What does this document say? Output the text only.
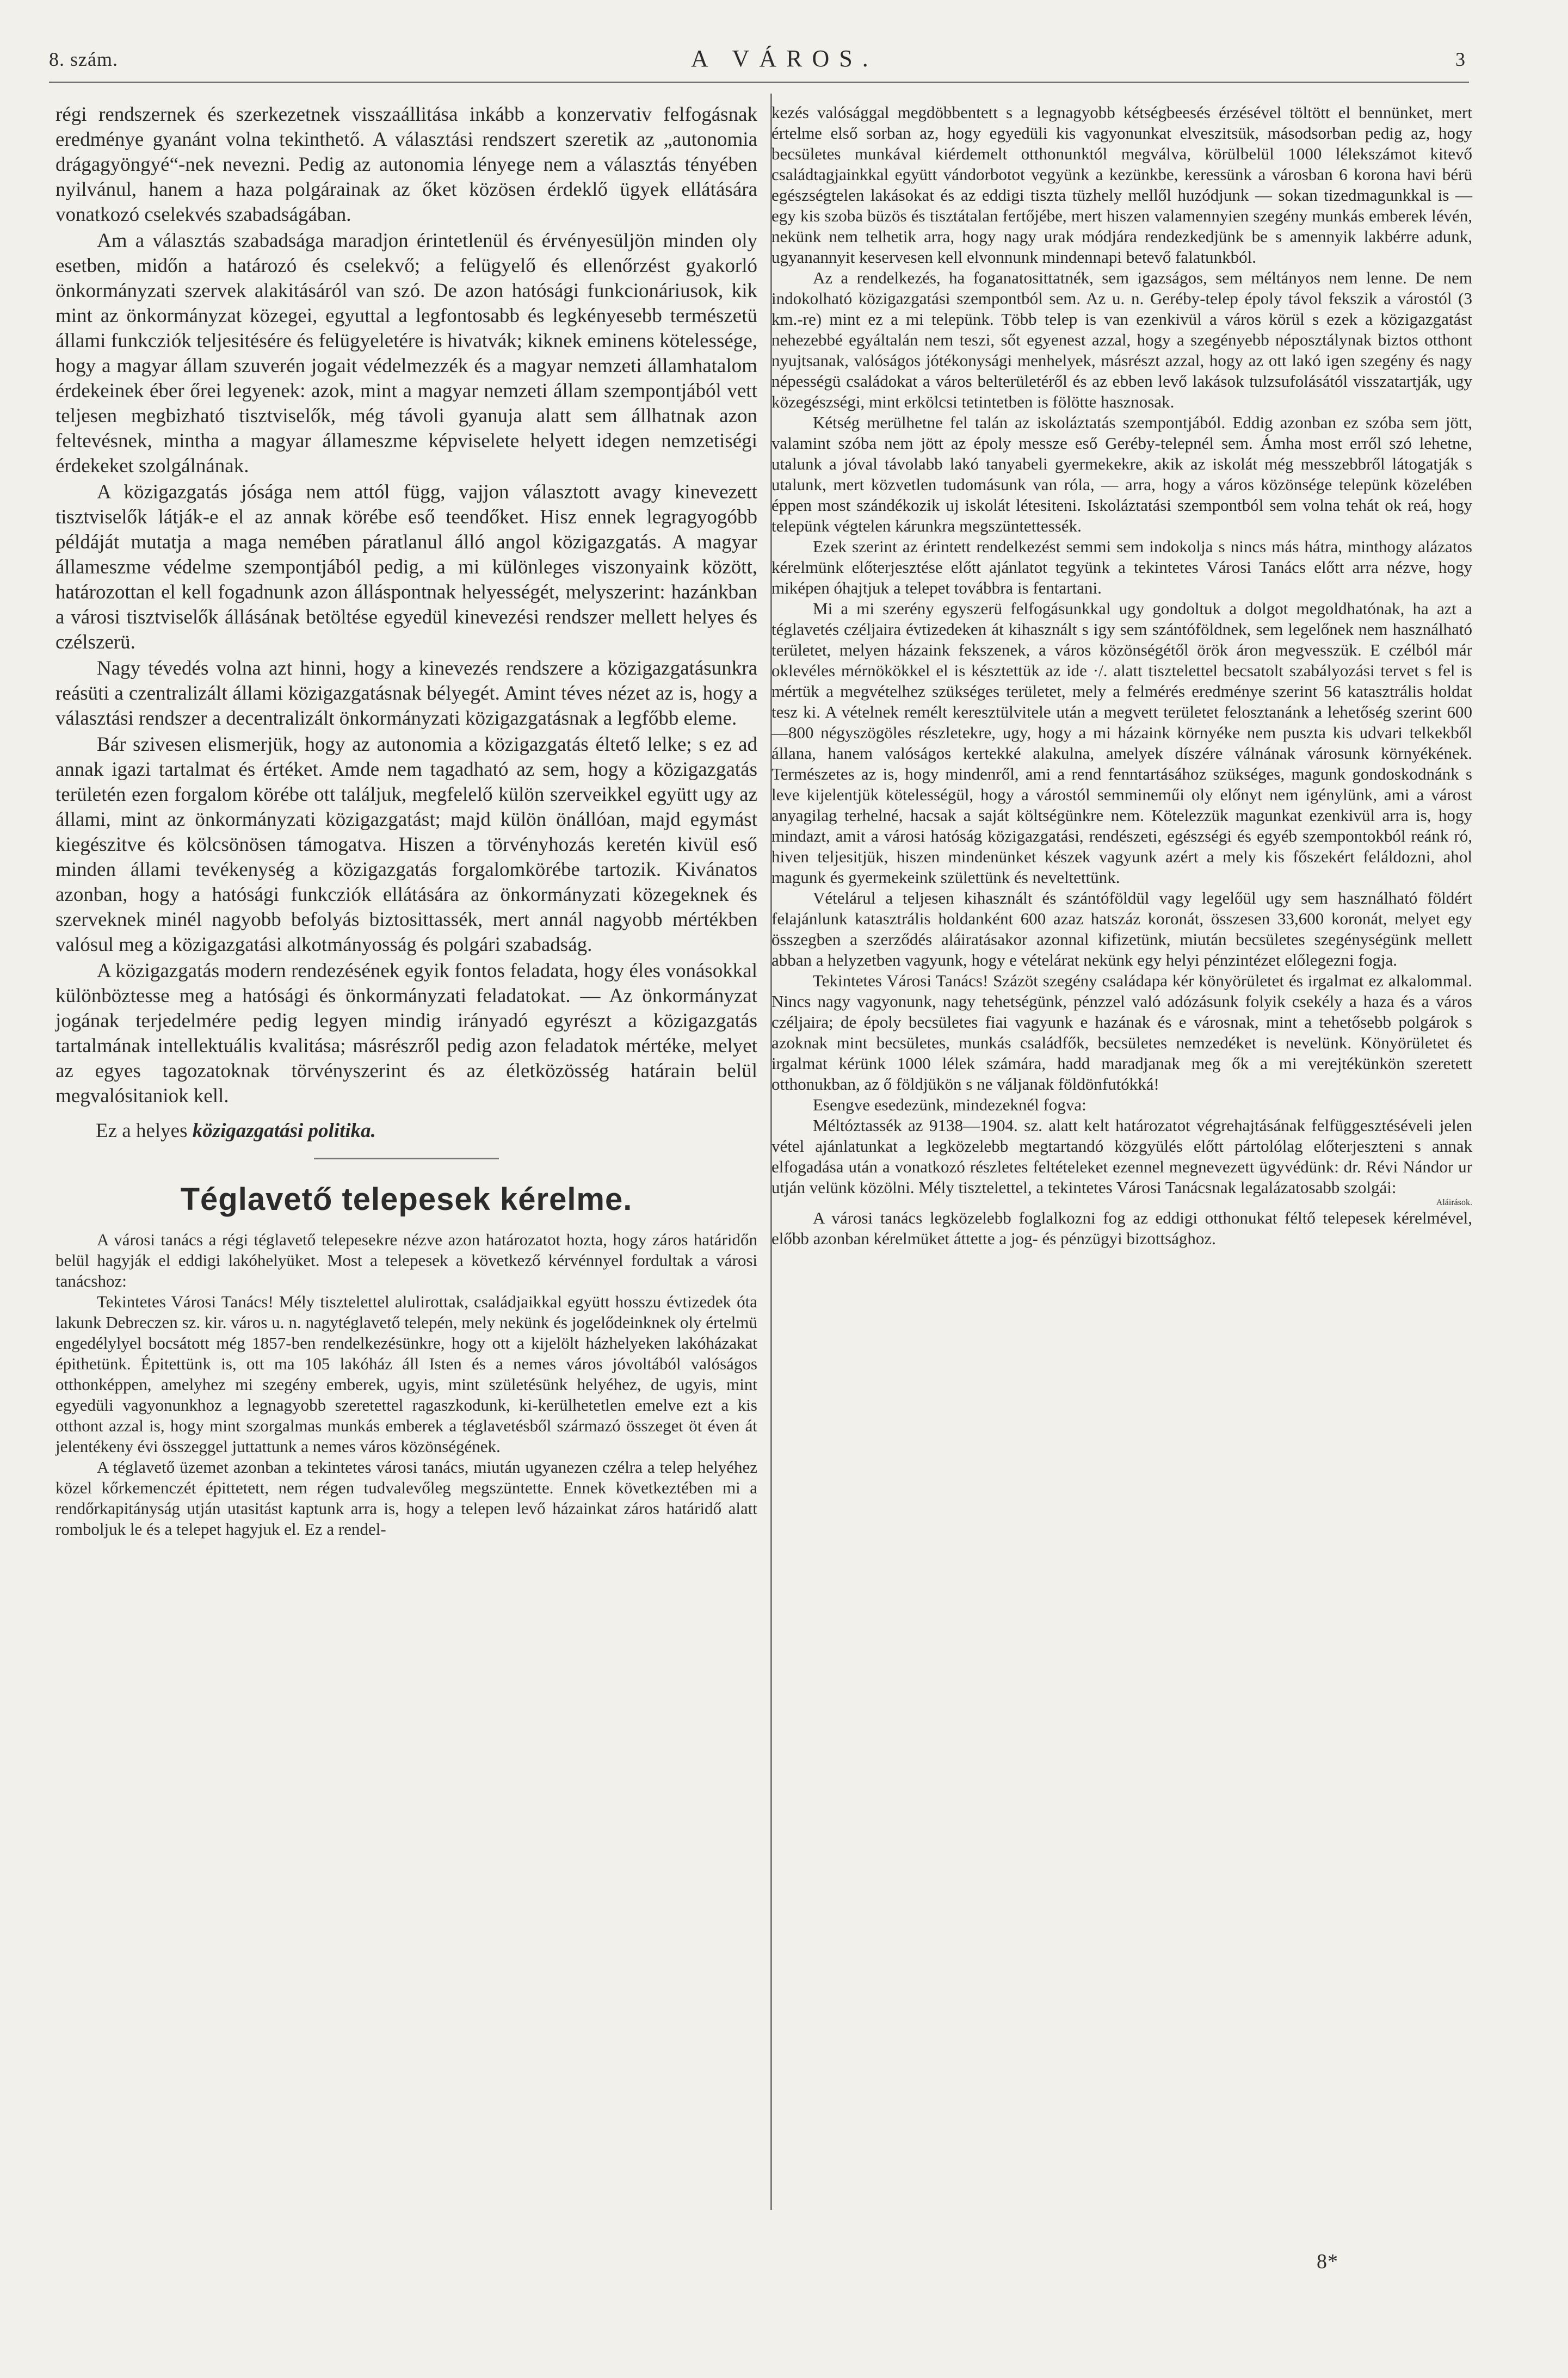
8. szám.	A VÁROS.	3

régi rendszernek és szerkezetnek visszaállitása inkább a konzervativ felfogásnak eredménye gyanánt volna tekinthető. A választási rendszert szeretik az „autonomia drágagyöngyé“-nek nevezni. Pedig az autonomia lényege nem a választás tényében nyilvánul, hanem a haza polgárainak az őket közösen érdeklő ügyek ellátására vonatkozó cselekvés szabadságában.

Am a választás szabadsága maradjon érintetlenül és érvényesüljön minden oly esetben, midőn a határozó és cselekvő; a felügyelő és ellenőrzést gyakorló önkormányzati szervek alakitásáról van szó. De azon hatósági funkcionáriusok, kik mint az önkormányzat közegei, egyuttal a legfontosabb és legkényesebb természetü állami funkcziók teljesitésére és felügyeletére is hivatvák; kiknek eminens kötelessége, hogy a magyar állam szuverén jogait védelmezzék és a magyar nemzeti államhatalom érdekeinek éber őrei legyenek: azok, mint a magyar nemzeti állam szempontjából vett teljesen megbizható tisztviselők, még távoli gyanuja alatt sem állhatnak azon feltevésnek, mintha a magyar állameszme képviselete helyett idegen nemzetiségi érdekeket szolgálnának.

A közigazgatás jósága nem attól függ, vajjon választott avagy kinevezett tisztviselők látják-e el az annak körébe eső teendőket. Hisz ennek legragyogóbb példáját mutatja a maga nemében páratlanul álló angol közigazgatás. A magyar állameszme védelme szempontjából pedig, a mi különleges viszonyaink között, határozottan el kell fogadnunk azon álláspontnak helyességét, melyszerint: hazánkban a városi tisztviselők állásának betöltése egyedül kinevezési rendszer mellett helyes és czélszerü.

Nagy tévedés volna azt hinni, hogy a kinevezés rendszere a közigazgatásunkra reásüti a czentralizált állami közigazgatásnak bélyegét. Amint téves nézet az is, hogy a választási rendszer a decentralizált önkormányzati közigazgatásnak a legfőbb eleme.

Bár szivesen elismerjük, hogy az autonomia a közigazgatás éltető lelke; s ez ad annak igazi tartalmat és értéket. Amde nem tagadható az sem, hogy a közigazgatás területén ezen forgalom körébe ott találjuk, megfelelő külön szerveikkel együtt ugy az állami, mint az önkormányzati közigazgatást; majd külön önállóan, majd egymást kiegészitve és kölcsönösen támogatva. Hiszen a törvényhozás keretén kivül eső minden állami tevékenység a közigazgatás forgalomkörébe tartozik. Kivánatos azonban, hogy a hatósági funkcziók ellátására az önkormányzati közegeknek és szerveknek minél nagyobb befolyás biztosittassék, mert annál nagyobb mértékben valósul meg a közigazgatási alkotmányosság és polgári szabadság.

A közigazgatás modern rendezésének egyik fontos feladata, hogy éles vonásokkal különböztesse meg a hatósági és önkormányzati feladatokat. — Az önkormányzat jogának terjedelmére pedig legyen mindig irányadó egyrészt a közigazgatás tartalmának intellektuális kvalitása; másrészről pedig azon feladatok mértéke, melyet az egyes tagozatoknak törvényszerint és az életközösség határain belül megvalósitaniok kell.

Ez a helyes közigazgatási politika.

Téglavető telepesek kérelme.

A városi tanács a régi téglavető telepesekre nézve azon határozatot hozta, hogy záros határidőn belül hagyják el eddigi lakóhelyüket. Most a telepesek a következő kérvénnyel fordultak a városi tanácshoz:

Tekintetes Városi Tanács! Mély tisztelettel alulirottak, családjaikkal együtt hosszu évtizedek óta lakunk Debreczen sz. kir. város u. n. nagytéglavető telepén, mely nekünk és jogelődeinknek oly értelmü engedélylyel bocsátott még 1857-ben rendelkezésünkre, hogy ott a kijelölt házhelyeken lakóházakat épithetünk. Épitettünk is, ott ma 105 lakóház áll Isten és a nemes város jóvoltából valóságos otthonképpen, amelyhez mi szegény emberek, ugyis, mint születésünk helyéhez, de ugyis, mint egyedüli vagyonunkhoz a legnagyobb szeretettel ragaszkodunk, ki-kerülhetetlen emelve ezt a kis otthont azzal is, hogy mint szorgalmas munkás emberek a téglavetésből származó összeget öt éven át jelentékeny évi összeggel juttattunk a nemes város közönségének.

A téglavető üzemet azonban a tekintetes városi tanács, miután ugyanezen czélra a telep helyéhez közel kőrkemenczét épittetett, nem régen tudvalevőleg megszüntette. Ennek következtében mi a rendőrkapitányság utján utasitást kaptunk arra is, hogy a telepen levő házainkat záros határidő alatt romboljuk le és a telepet hagyjuk el. Ez a rendel-

kezés valósággal megdöbbentett s a legnagyobb kétségbeesés érzésével töltött el bennünket, mert értelme első sorban az, hogy egyedüli kis vagyonunkat elveszitsük, másodsorban pedig az, hogy becsületes munkával kiérdemelt otthonunktól megválva, körülbelül 1000 lélekszámot kitevő családtagjainkkal együtt vándorbotot vegyünk a kezünkbe, keressünk a városban 6 korona havi bérü egészségtelen lakásokat és az eddigi tiszta tüzhely mellől huzódjunk — sokan tizedmagunkkal is — egy kis szoba büzös és tisztátalan fertőjébe, mert hiszen valamennyien szegény munkás emberek lévén, nekünk nem telhetik arra, hogy nagy urak módjára rendezkedjünk be s amennyik lakbérre adunk, ugyanannyit keservesen kell elvonnunk mindennapi betevő falatunkból.

Az a rendelkezés, ha foganatosittatnék, sem igazságos, sem méltányos nem lenne. De nem indokolható közigazgatási szempontból sem. Az u. n. Geréby-telep époly távol fekszik a várostól (3 km.-re) mint ez a mi telepünk. Több telep is van ezenkivül a város körül s ezek a közigazgatást nehezebbé egyáltalán nem teszi, sőt egyenest azzal, hogy a szegényebb néposztálynak biztos otthont nyujtsanak, valóságos jótékonysági menhelyek, másrészt azzal, hogy az ott lakó igen szegény és nagy népességü családokat a város belterületéről és az ebben levő lakások tulzsufolásától visszatartják, ugy közegészségi, mint erkölcsi tetintetben is fölötte hasznosak.

Kétség merülhetne fel talán az iskoláztatás szempontjából. Eddig azonban ez szóba sem jött, valamint szóba nem jött az époly messze eső Geréby-telepnél sem. Ámha most erről szó lehetne, utalunk a jóval távolabb lakó tanyabeli gyermekekre, akik az iskolát még messzebbről látogatják s utalunk, mert közvetlen tudomásunk van róla, — arra, hogy a város közönsége telepünk közelében éppen most szándékozik uj iskolát létesiteni. Iskoláztatási szempontból sem volna tehát ok reá, hogy telepünk végtelen kárunkra megszüntettessék.

Ezek szerint az érintett rendelkezést semmi sem indokolja s nincs más hátra, minthogy alázatos kérelmünk előterjesztése előtt ajánlatot tegyünk a tekintetes Városi Tanács előtt arra nézve, hogy miképen óhajtjuk a telepet továbbra is fentartani.

Mi a mi szerény egyszerü felfogásunkkal ugy gondoltuk a dolgot megoldhatónak, ha azt a téglavetés czéljaira évtizedeken át kihasznált s igy sem szántóföldnek, sem legelőnek nem használható területet, melyen házaink fekszenek, a város közönségétől örök áron megvesszük. E czélból már oklevéles mérnökökkel el is késztettük az ide ·/. alatt tisztelettel becsatolt szabályozási tervet s fel is mértük a megvételhez szükséges területet, mely a felmérés eredménye szerint 56 katasztrális holdat tesz ki. A vételnek remélt keresztülvitele után a megvett területet felosztanánk a lehetőség szerint 600—800 négyszögöles részletekre, ugy, hogy a mi házaink környéke nem puszta kis udvari telkekből állana, hanem valóságos kertekké alakulna, amelyek díszére válnának városunk környékének. Természetes az is, hogy mindenről, ami a rend fenntartásához szükséges, magunk gondoskodnánk s leve kijelentjük kötelességül, hogy a várostól semmineműi oly előnyt nem igénylünk, ami a várost anyagilag terhelné, hacsak a saját költségünkre nem. Kötelezzük magunkat ezenkivül arra is, hogy mindazt, amit a városi hatóság közigazgatási, rendészeti, egészségi és egyéb szempontokból reánk ró, hiven teljesitjük, hiszen mindenünket készek vagyunk azért a mely kis főszekért feláldozni, ahol magunk és gyermekeink születtünk és neveltettünk.

Vételárul a teljesen kihasznált és szántóföldül vagy legelőül ugy sem használható földért felajánlunk katasztrális holdanként 600 azaz hatszáz koronát, összesen 33,600 koronát, melyet egy összegben a szerződés aláiratásakor azonnal kifizetünk, miután becsületes szegénységünk mellett abban a helyzetben vagyunk, hogy e vételárat nekünk egy helyi pénzintézet előlegezni fogja.

Tekintetes Városi Tanács! Százöt szegény családapa kér könyörületet és irgalmat ez alkalommal. Nincs nagy vagyonunk, nagy tehetségünk, pénzzel való adózásunk folyik csekély a haza és a város czéljaira; de époly becsületes fiai vagyunk e hazának és e városnak, mint a tehetősebb polgárok s azoknak mint becsületes, munkás családfők, becsületes nemzedéket is nevelünk. Könyörületet és irgalmat kérünk 1000 lélek számára, hadd maradjanak meg ők a mi verejtékünkön szeretett otthonukban, az ő földjükön s ne váljanak földönfutókká!

Esengve esedezünk, mindezeknél fogva:

Méltóztassék az 9138—1904. sz. alatt kelt határozatot végrehajtásának felfüggesztéséveli jelen vétel ajánlatunkat a legközelebb megtartandó közgyülés előtt pártolólag előterjeszteni s annak elfogadása után a vonatkozó részletes feltételeket ezennel megnevezett ügyvédünk: dr. Révi Nándor ur utján velünk közölni. Mély tisztelettel, a tekintetes Városi Tanácsnak legalázatosabb szolgái:

Aláirások.

A városi tanács legközelebb foglalkozni fog az eddigi otthonukat féltő telepesek kérelmével, előbb azonban kérelmüket áttette a jog- és pénzügyi bizottsághoz.

8*
